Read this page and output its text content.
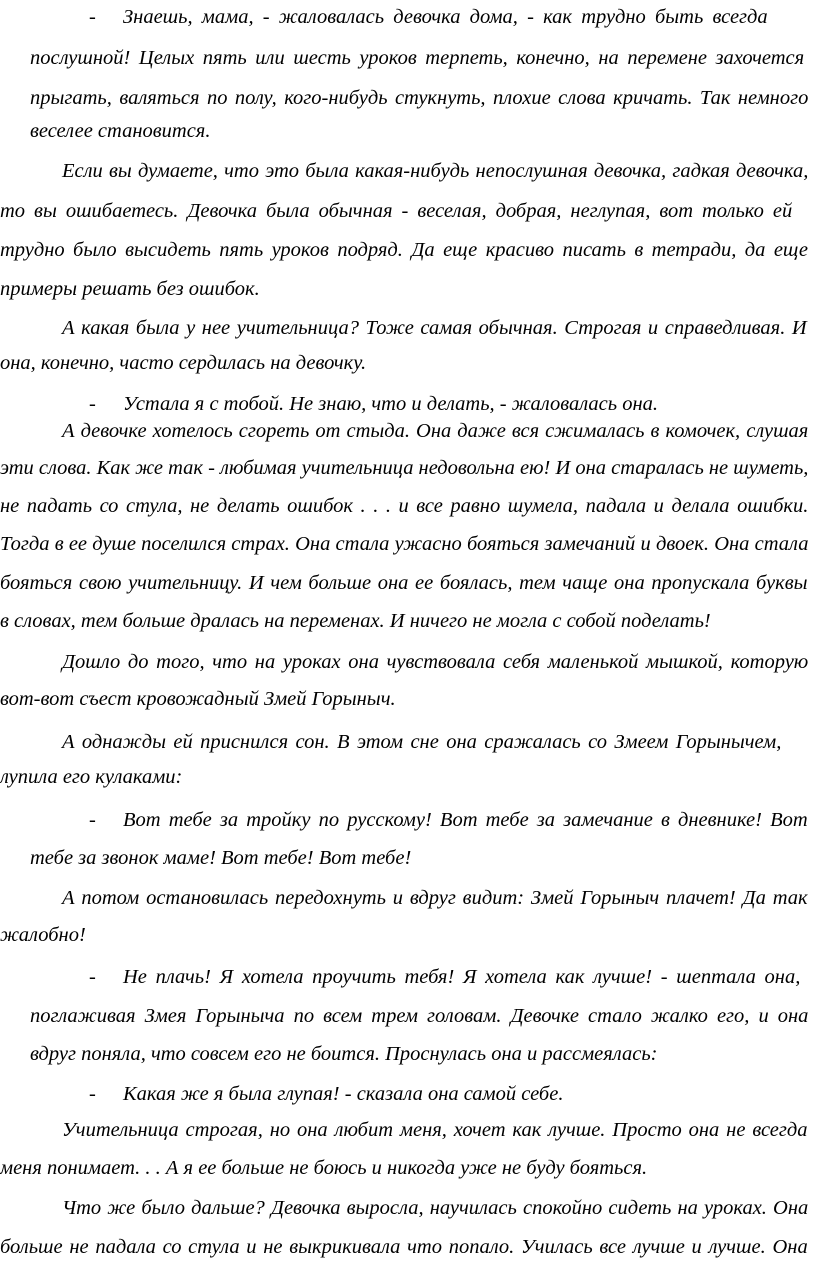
- Знаешь, мама, - жаловалась девочка дома, - как трудно быть всегда
послушной! Целых пять или шесть уроков терпеть, конечно, на перемене захочется
прыгать, валяться по полу, кого-нибудь стукнуть, плохие слова кричать. Так немного
веселее становится.
Если вы думаете, что это была какая-нибудь непослушная девочка, гадкая девочка,
то вы ошибаетесь. Девочка была обычная - веселая, добрая, неглупая, вот только ей
трудно было высидеть пять уроков подряд. Да еще красиво писать в тетради, да еще
примеры решать без ошибок.
А какая была у нее учительница? Тоже самая обычная. Строгая и справедливая. И
она, конечно, часто сердилась на девочку.
- Устала я с тобой. Не знаю, что и делать, - жаловалась она.
А девочке хотелось сгореть от стыда. Она даже вся сжималась в комочек, слушая
эти слова. Как же так - любимая учительница недовольна ею! И она старалась не шуметь,
не падать со стула, не делать ошибок . . . и все равно шумела, падала и делала ошибки.
Тогда в ее душе поселился страх. Она стала ужасно бояться замечаний и двоек. Она стала
бояться свою учительницу. И чем больше она ее боялась, тем чаще она пропускала буквы
в словах, тем больше дралась на переменах. И ничего не могла с собой поделать!
Дошло до того, что на уроках она чувствовала себя маленькой мышкой, которую
вот-вот съест кровожадный Змей Горыныч.
А однажды ей приснился сон. В этом сне она сражалась со Змеем Горынычем,
лупила его кулаками:
- Вот тебе за тройку по русскому! Вот тебе за замечание в дневнике! Вот
тебе за звонок маме! Вот тебе! Вот тебе!
А потом остановилась передохнуть и вдруг видит: Змей Горыныч плачет! Да так
жалобно!
- Не плачь! Я хотела проучить тебя! Я хотела как лучше! - шептала она,
поглаживая Змея Горыныча по всем трем головам. Девочке стало жалко его, и она
вдруг поняла, что совсем его не боится. Проснулась она и рассмеялась:
- Какая же я была глупая! - сказала она самой себе.
Учительница строгая, но она любит меня, хочет как лучше. Просто она не всегда
меня понимает. . . А я ее больше не боюсь и никогда уже не буду бояться.
Что же было дальше? Девочка выросла, научилась спокойно сидеть на уроках. Она
больше не падала со стула и не выкрикивала что попало. Училась все лучше и лучше. Она
